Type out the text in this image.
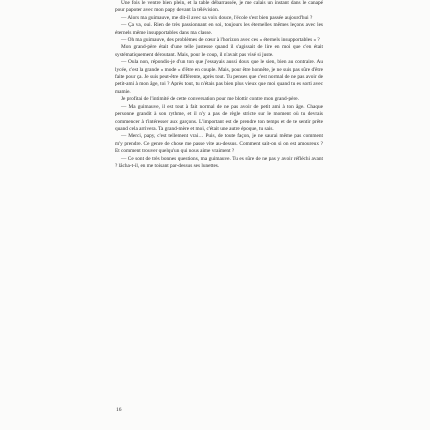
Une fois le ventre bien plein, et la table débarrassée, je me calais un instant dans le canapé pour papoter avec mon papy devant la télévision.

— Alors ma guimauve, me dit-il avec sa voix douce, l'école s'est bien passée aujourd'hui ?

— Ça va, oui. Rien de très passionnant en soi, toujours les éternelles mêmes leçons avec les éternels même insupportables dans ma classe.

— Oh ma guimauve, des problèmes de cœur à l'horizon avec ces « éternels insupportables » ?

Mon grand-père était d'une telle justesse quand il s'agissait de lire en moi que c'en était systématiquement déroutant. Mais, pour le coup, il n'avait pas visé si juste.

— Oula non, répondis-je d'un ton que j'essayais aussi doux que le sien, bien au contraire. Au lycée, c'est la grande « mode » d'être en couple. Mais, pour être honnête, je ne suis pas sûre d'être faite pour ça. Je suis peut-être différente, après tout. Tu penses que c'est normal de ne pas avoir de petit-ami à mon âge, toi ? Après tout, tu n'étais pas bien plus vieux que moi quand tu es sorti avec mamie.

Je profitai de l'intimité de cette conversation pour me blottir contre mon grand-père.

— Ma guimauve, il est tout à fait normal de ne pas avoir de petit ami à ton âge. Chaque personne grandit à son rythme, et il n'y a pas de règle stricte sur le moment où tu devrais commencer à t'intéresser aux garçons. L'important est de prendre ton temps et de te sentir prête quand cela arrivera. Ta grand-mère et moi, c'était une autre époque, tu sais.

— Merci, papy, c'est tellement vrai… Puis, de toute façon, je ne saurai même pas comment m'y prendre. Ce genre de chose me passe vite au-dessus. Comment sait-on si on est amoureux ? Et comment trouver quelqu'un qui nous aime vraiment ?

— Ce sont de très bonnes questions, ma guimauve. Tu es sûre de ne pas y avoir réfléchi avant ? lâcha-t-il, en me toisant par-dessus ses lunettes.

16
